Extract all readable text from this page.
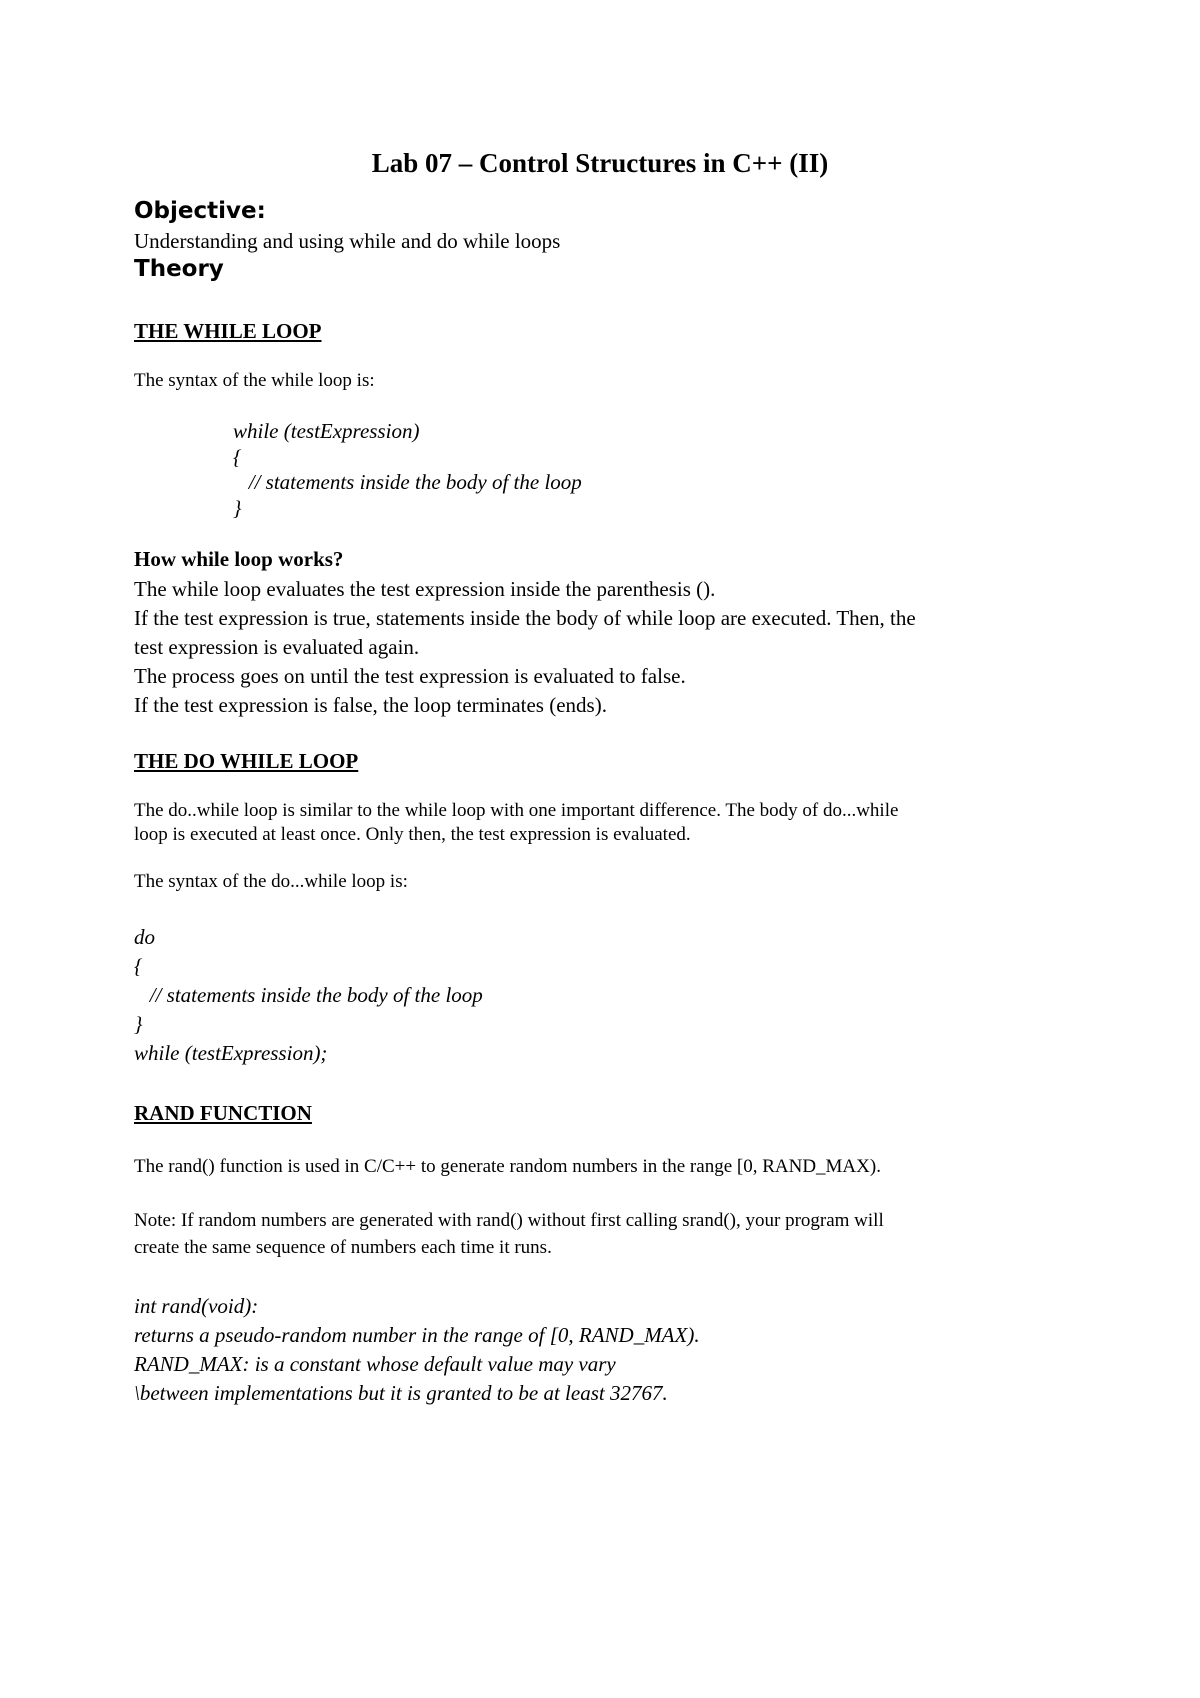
Lab 07 – Control Structures in C++ (II)
Objective:
Understanding and using while and do while loops
Theory
THE WHILE LOOP
The syntax of the while loop is:
while (testExpression)
{
// statements inside the body of the loop
}
How while loop works?
The while loop evaluates the test expression inside the parenthesis ().
If the test expression is true, statements inside the body of while loop are executed. Then, the
test expression is evaluated again.
The process goes on until the test expression is evaluated to false.
If the test expression is false, the loop terminates (ends).
THE DO WHILE LOOP
The do..while loop is similar to the while loop with one important difference. The body of do...while
loop is executed at least once. Only then, the test expression is evaluated.
The syntax of the do...while loop is:
do
{
// statements inside the body of the loop
}
while (testExpression);
RAND FUNCTION
The rand() function is used in C/C++ to generate random numbers in the range [0, RAND_MAX).
Note: If random numbers are generated with rand() without first calling srand(), your program will
create the same sequence of numbers each time it runs.
int rand(void):
returns a pseudo-random number in the range of [0, RAND_MAX).
RAND_MAX: is a constant whose default value may vary
\between implementations but it is granted to be at least 32767.
